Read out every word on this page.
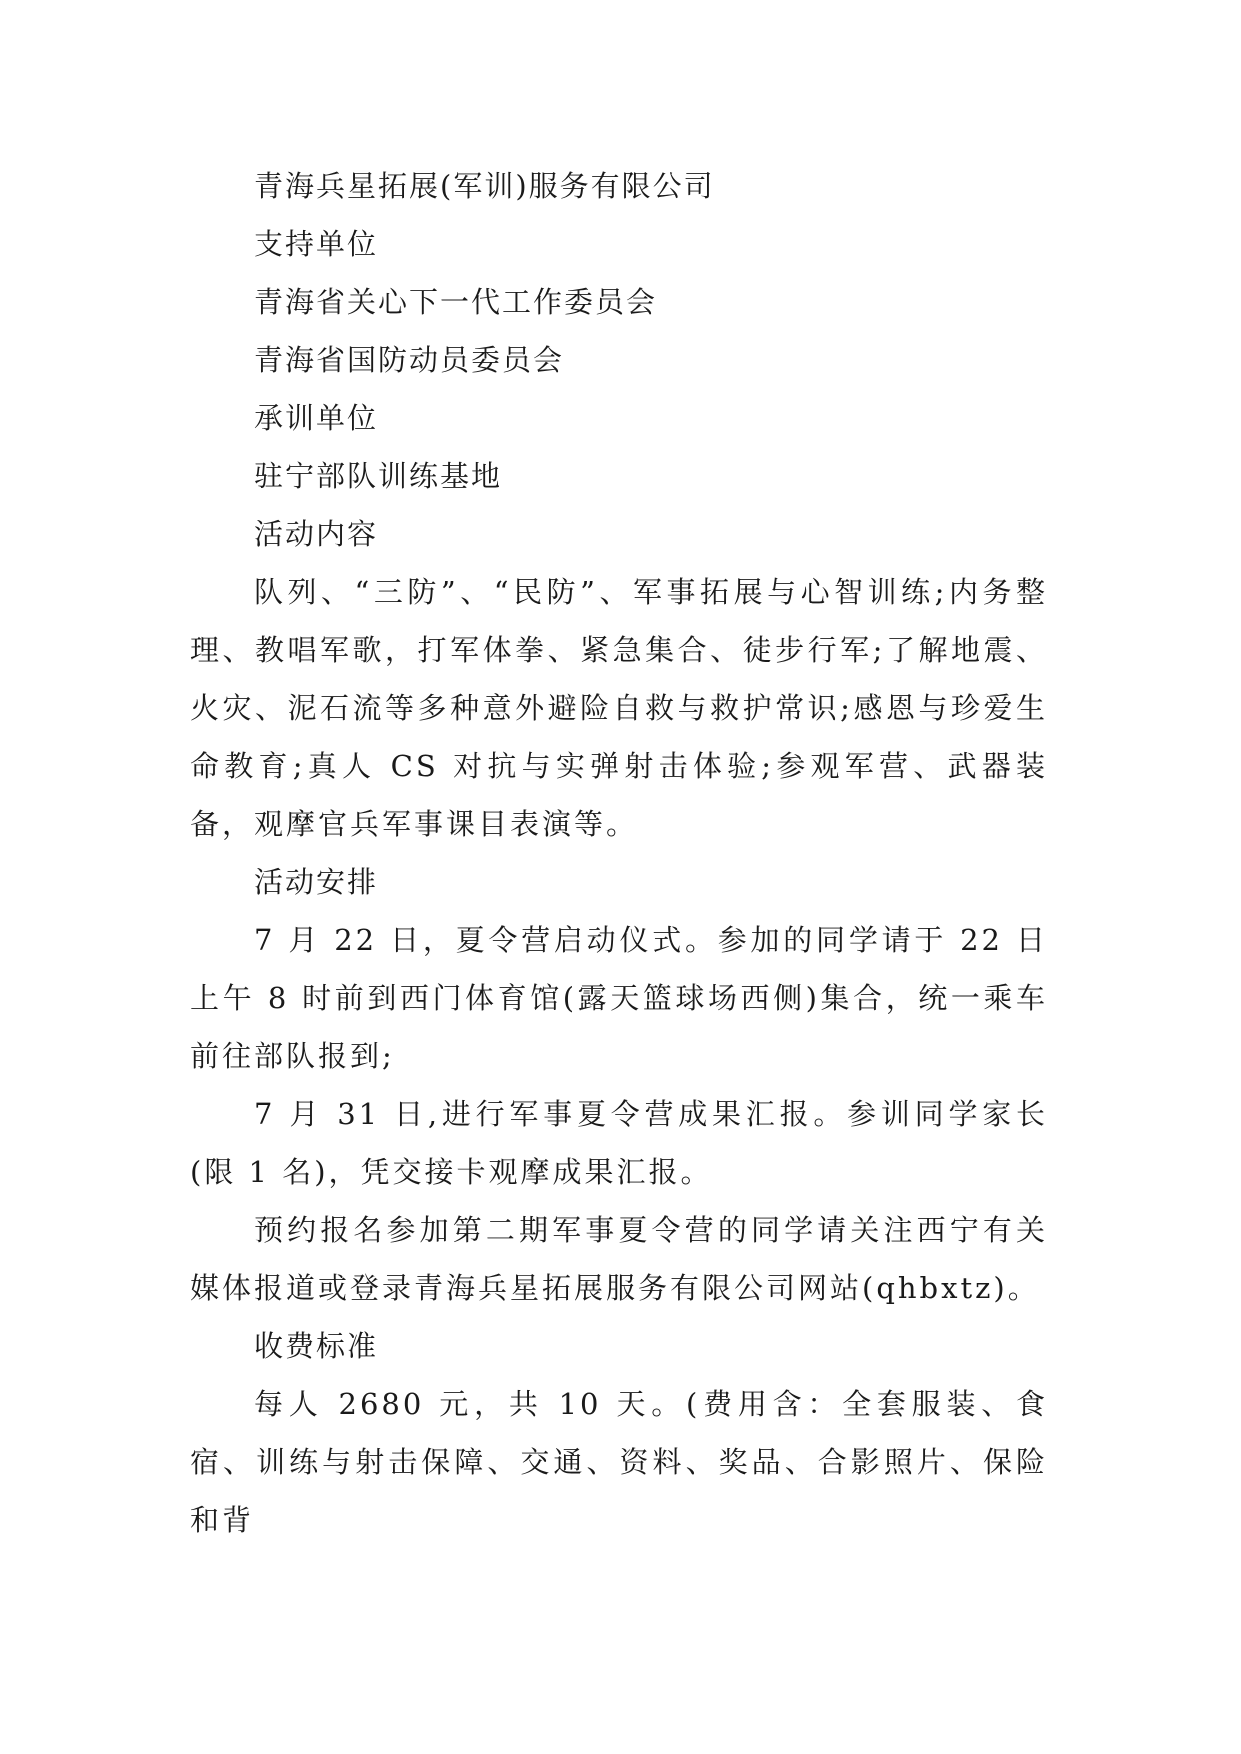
青海兵星拓展(军训)服务有限公司
支持单位
青海省关心下一代工作委员会
青海省国防动员委员会
承训单位
驻宁部队训练基地
活动内容
队列、“三防”、“民防”、军事拓展与心智训练;内务整理、教唱军歌，打军体拳、紧急集合、徒步行军;了解地震、火灾、泥石流等多种意外避险自救与救护常识;感恩与珍爱生命教育;真人 CS 对抗与实弹射击体验;参观军营、武器装备，观摩官兵军事课目表演等。
活动安排
7 月 22 日，夏令营启动仪式。参加的同学请于 22 日上午 8 时前到西门体育馆(露天篮球场西侧)集合，统一乘车前往部队报到;
7 月 31 日,进行军事夏令营成果汇报。参训同学家长(限 1 名)，凭交接卡观摩成果汇报。
预约报名参加第二期军事夏令营的同学请关注西宁有关媒体报道或登录青海兵星拓展服务有限公司网站(qhbxtz)。
收费标准
每人 2680 元，共 10 天。(费用含：全套服装、食宿、训练与射击保障、交通、资料、奖品、合影照片、保险和背
